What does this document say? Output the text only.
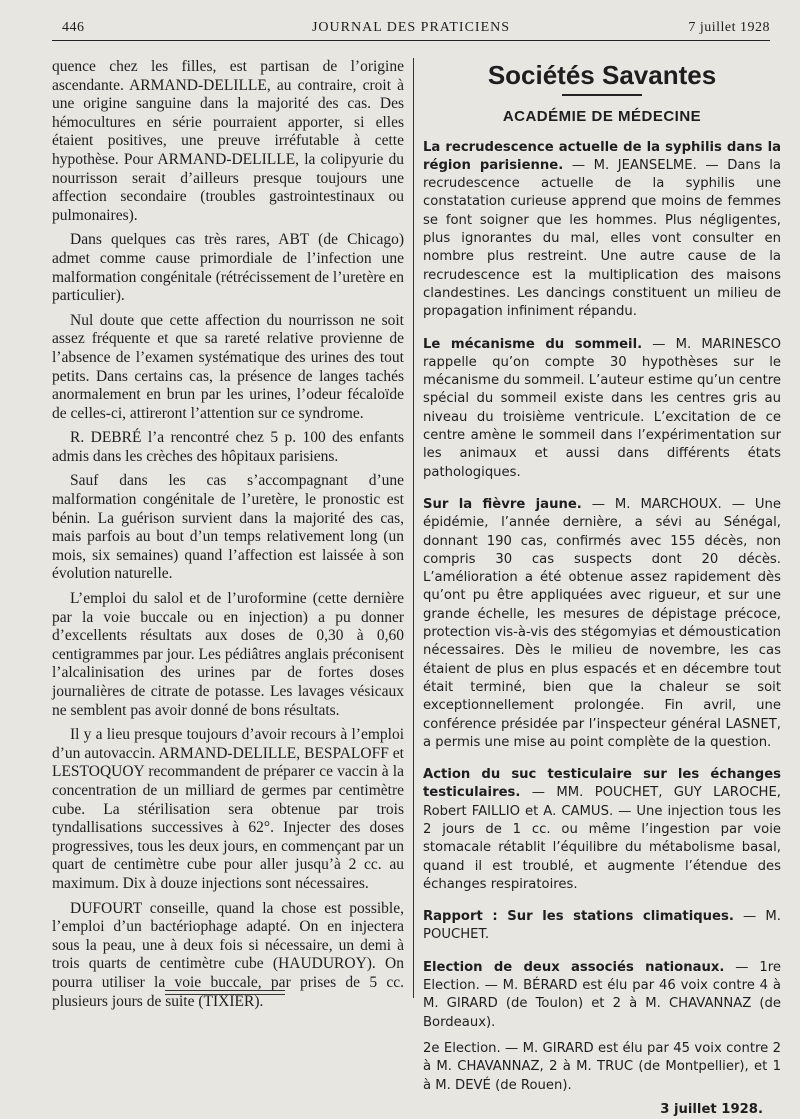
446	JOURNAL DES PRATICIENS	7 juillet 1928

quence chez les filles, est partisan de l’origine ascendante. ARMAND-DELILLE, au contraire, croit à une origine sanguine dans la majorité des cas. Des hémocultures en série pourraient apporter, si elles étaient positives, une preuve irréfutable à cette hypothèse. Pour ARMAND-DELILLE, la colipyurie du nourrisson serait d’ailleurs presque toujours une affection secondaire (troubles gastrointestinaux ou pulmonaires).

Dans quelques cas très rares, ABT (de Chicago) admet comme cause primordiale de l’infection une malformation congénitale (rétrécissement de l’uretère en particulier).

Nul doute que cette affection du nourrisson ne soit assez fréquente et que sa rareté relative provienne de l’absence de l’examen systématique des urines des tout petits. Dans certains cas, la présence de langes tachés anormalement en brun par les urines, l’odeur fécaloïde de celles-ci, attireront l’attention sur ce syndrome.

R. DEBRÉ l’a rencontré chez 5 p. 100 des enfants admis dans les crèches des hôpitaux parisiens.

Sauf dans les cas s’accompagnant d’une malformation congénitale de l’uretère, le pronostic est bénin. La guérison survient dans la majorité des cas, mais parfois au bout d’un temps relativement long (un mois, six semaines) quand l’affection est laissée à son évolution naturelle.

L’emploi du salol et de l’uroformine (cette dernière par la voie buccale ou en injection) a pu donner d’excellents résultats aux doses de 0,30 à 0,60 centigrammes par jour. Les pédiâtres anglais préconisent l’alcalinisation des urines par de fortes doses journalières de citrate de potasse. Les lavages vésicaux ne semblent pas avoir donné de bons résultats.

Il y a lieu presque toujours d’avoir recours à l’emploi d’un autovaccin. ARMAND-DELILLE, BESPALOFF et LESTOQUOY recommandent de préparer ce vaccin à la concentration de un milliard de germes par centimètre cube. La stérilisation sera obtenue par trois tyndallisations successives à 62°. Injecter des doses progressives, tous les deux jours, en commençant par un quart de centimètre cube pour aller jusqu’à 2 cc. au maximum. Dix à douze injections sont nécessaires.

DUFOURT conseille, quand la chose est possible, l’emploi d’un bactériophage adapté. On en injectera sous la peau, une à deux fois si nécessaire, un demi à trois quarts de centimètre cube (HAUDUROY). On pourra utiliser la voie buccale, par prises de 5 cc. plusieurs jours de suite (TIXIER).

Sociétés Savantes
ACADÉMIE DE MÉDECINE

La recrudescence actuelle de la syphilis dans la région parisienne. — M. JEANSELME. — Dans la recrudescence actuelle de la syphilis une constatation curieuse apprend que moins de femmes se font soigner que les hommes. Plus négligentes, plus ignorantes du mal, elles vont consulter en nombre plus restreint. Une autre cause de la recrudescence est la multiplication des maisons clandestines. Les dancings constituent un milieu de propagation infiniment répandu.

Le mécanisme du sommeil. — M. MARINESCO rappelle qu’on compte 30 hypothèses sur le mécanisme du sommeil. L’auteur estime qu’un centre spécial du sommeil existe dans les centres gris au niveau du troisième ventricule. L’excitation de ce centre amène le sommeil dans l’expérimentation sur les animaux et aussi dans différents états pathologiques.

Sur la fièvre jaune. — M. MARCHOUX. — Une épidémie, l’année dernière, a sévi au Sénégal, donnant 190 cas, confirmés avec 155 décès, non compris 30 cas suspects dont 20 décès. L’amélioration a été obtenue assez rapidement dès qu’ont pu être appliquées avec rigueur, et sur une grande échelle, les mesures de dépistage précoce, protection vis-à-vis des stégomyias et démoustication nécessaires. Dès le milieu de novembre, les cas étaient de plus en plus espacés et en décembre tout était terminé, bien que la chaleur se soit exceptionnellement prolongée. Fin avril, une conférence présidée par l’inspecteur général LASNET, a permis une mise au point complète de la question.

Action du suc testiculaire sur les échanges testiculaires. — MM. POUCHET, GUY LAROCHE, Robert FAILLIO et A. CAMUS. — Une injection tous les 2 jours de 1 cc. ou même l’ingestion par voie stomacale rétablit l’équilibre du métabolisme basal, quand il est troublé, et augmente l’étendue des échanges respiratoires.

Rapport : Sur les stations climatiques. — M. POUCHET.

Election de deux associés nationaux. — 1re Election. — M. BÉRARD est élu par 46 voix contre 4 à M. GIRARD (de Toulon) et 2 à M. CHAVANNAZ (de Bordeaux).

2e Election. — M. GIRARD est élu par 45 voix contre 2 à M. CHAVANNAZ, 2 à M. TRUC (de Montpellier), et 1 à M. DEVÉ (de Rouen).

3 juillet 1928.
